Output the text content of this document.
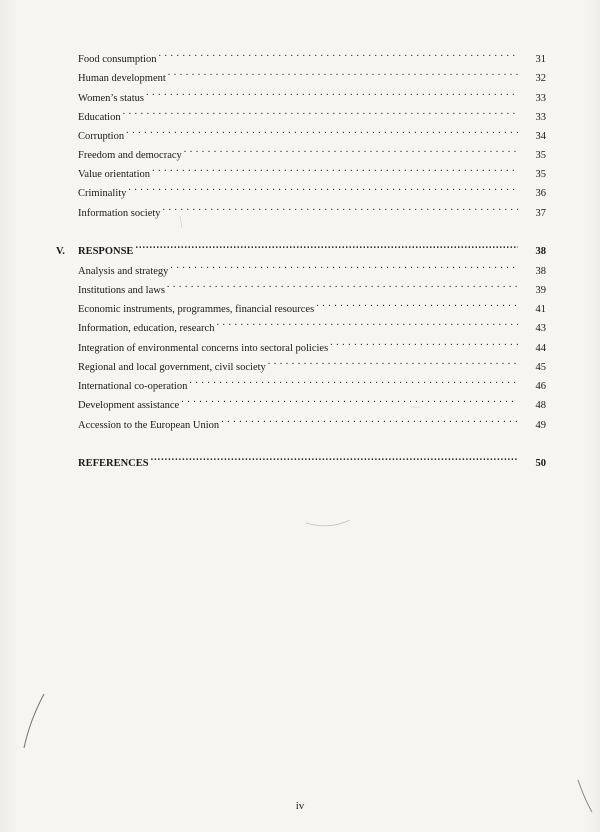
Food consumption . . .	31
Human development . . .	32
Women’s status . . .	33
Education . . .	33
Corruption . . .	34
Freedom and democracy . . .	35
Value orientation . . .	35
Criminality . . .	36
Information society . . .	37
V.	RESPONSE .....	38
Analysis and strategy . . .	38
Institutions and laws . . .	39
Economic instruments, programmes, financial resources . . .	41
Information, education, research . . .	43
Integration of environmental concerns into sectoral policies . . .	44
Regional and local government, civil society . . .	45
International co-operation . . .	46
Development assistance . . .	48
Accession to the European Union . . .	49
REFERENCES .....	50
iv
